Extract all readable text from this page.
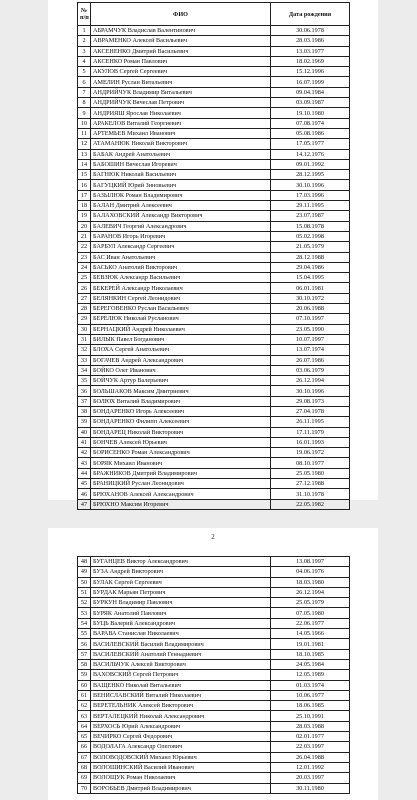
№
п/п	ФИО	Дата рождения
1	АБРАМЧУК Владислав Валентинович	30.06.1978
2	АВРАМЕНКО Алексей Васильевич	28.03.1986
3	АКСЕНЕНКО Дмитрий Васильевич	13.03.1977
4	АКСЕНКО Роман Павлович	18.02.1969
5	АКУЛОВ Сергей Сергеевич	15.12.1996
6	АМЕЛИН Руслан Витальевич	16.07.1999
7	АНДРИЙЧУК Владимир Витальевич	09.04.1984
8	АНДРИЙЧУК Вячеслав Петрович	03.09.1987
9	АНДРИЯШ Ярослав Николаевич	19.10.1980
10	АРАКЕЛОВ Виталий Георгиевич	07.08.1974
11	АРТЕМЬЕВ Михаил Иванович	05.08.1986
12	АТАМАНЮК Николай Викторович	17.05.1977
13	БАБАК Андрей Анатольевич	14.12.1976
14	БАБОШИН Вячеслав Игоревич	09.01.1992
15	БАГНЮК Николай Васильевич	28.12.1995
16	БАГУЦКИЙ Юрий Зиновьевич	30.10.1996
17	БАЗЫЛЮК Роман Владимирович	17.03.1996
18	БАЛАН Дмитрий Алексеевич	29.11.1995
19	БАЛАХОВСКИЙ Александр Викторович	23.07.1987
20	БАЛЕВИЧ Георгий Александрович	15.08.1978
21	БАРАНОВ Игорь Игоревич	05.02.1998
22	БАРБУЛ Александр Сергеевич	21.05.1979
23	БАС Иван Анатольевич	28.12.1988
24	БАСЬКО Анатолий Викторович	29.04.1986
25	БЕВЗЮК Александр Васильевич	15.04.1995
26	БЕКЕРЕЙ Александр Николаевич	06.01.1981
27	БЕЛЯНКИН Сергей Леонидович	30.10.1972
28	БЕРЕГОВЕНКО Руслан Васильевич	20.06.1988
29	БЕРЕЛЮК Николай Русланович	07.10.1997
30	БЕРНАЦКИЙ Андрей Николаевич	23.05.1990
31	БИЛЫК Павел Богданович	10.07.1997
32	БЛОХА Сергей Анатольевич	13.07.1974
33	БОГАЧЕВ Андрей Александрович	26.07.1986
34	БОЙКО Олег Иванович	03.06.1979
35	БОЙЧУК Артур Валерьевич	26.12.1994
36	БОЛЬШАКОВ Максим Дмитриевич	30.10.1996
37	БОЛЮХ Виталий Владимирович	29.08.1973
38	БОНДАРЕНКО Игорь Алексеевич	27.04.1978
39	БОНДАРЕНКО Филипп Алексеевич	26.11.1995
40	БОНДАРЕЦ Николай Викторович	17.11.1979
41	БОНЧЕВ Алексей Юрьевич	16.01.1993
42	БОРИСЕНКО Роман Александрович	19.06.1972
43	БОРЯК Михаил Иванович	08.10.1977
44	БРАЖНИКОВ Дмитрий Владимирович	25.05.1980
45	БРАНИЦКИЙ Руслан Леонидович	27.12.1988
46	БРЮХАНОВ Алексей Александрович	31.10.1978
47	БРЮХНО Максим Игоревич	22.05.1982
2
48	БУГАНЦЕВ Виктор Александрович	13.08.1997
49	БУЗА Андрей Викторович	04.06.1976
50	БУЛАК Сергей Сергеевич	18.03.1980
51	БУРДАК Марьян Петрович	26.12.1994
52	БУРКУН Владимир Павлович	25.05.1979
53	БУРЯК Анатолий Павлович	07.05.1980
54	БУЦЬ Валерий Александрович	22.06.1977
55	ВАРАВА Станислав Николаевич	14.05.1966
56	ВАСИЛЕВСКИЙ Василий Владимирович	19.01.1981
57	ВАСИЛЕВСКИЙ Анатолий Геннадиевич	18.10.1985
58	ВАСИЛЬЧУК Алексей Викторович	24.05.1984
59	ВАХОВСКИЙ Сергей Петрович	12.05.1989
60	ВАЩЕНКО Николай Витальевич	01.03.1974
61	ВЕНИСЛАВСКИЙ Виталий Николаевич	10.06.1977
62	ВЕРЕТЕЛЬНИК Алексей Викторович	18.06.1985
63	ВЕРТАЛЕЦКИЙ Николай Александрович	25.10.1991
64	ВЕРХОСЬ Юрий Александрович	28.03.1988
65	ВЕЧИРКО Сергей Федорович	02.01.1977
66	ВОДОЛАГА Александр Олегович	22.03.1997
67	ВОЛОВОДОВСКИЙ Михаил Юрьевич	26.04.1988
68	ВОЛОШИНСКИЙ Василий Иванович	12.01.1992
69	ВОЛОЩУК Роман Николаевич	20.03.1997
70	ВОРОБЬЕВ Дмитрий Владимирович	30.11.1980
